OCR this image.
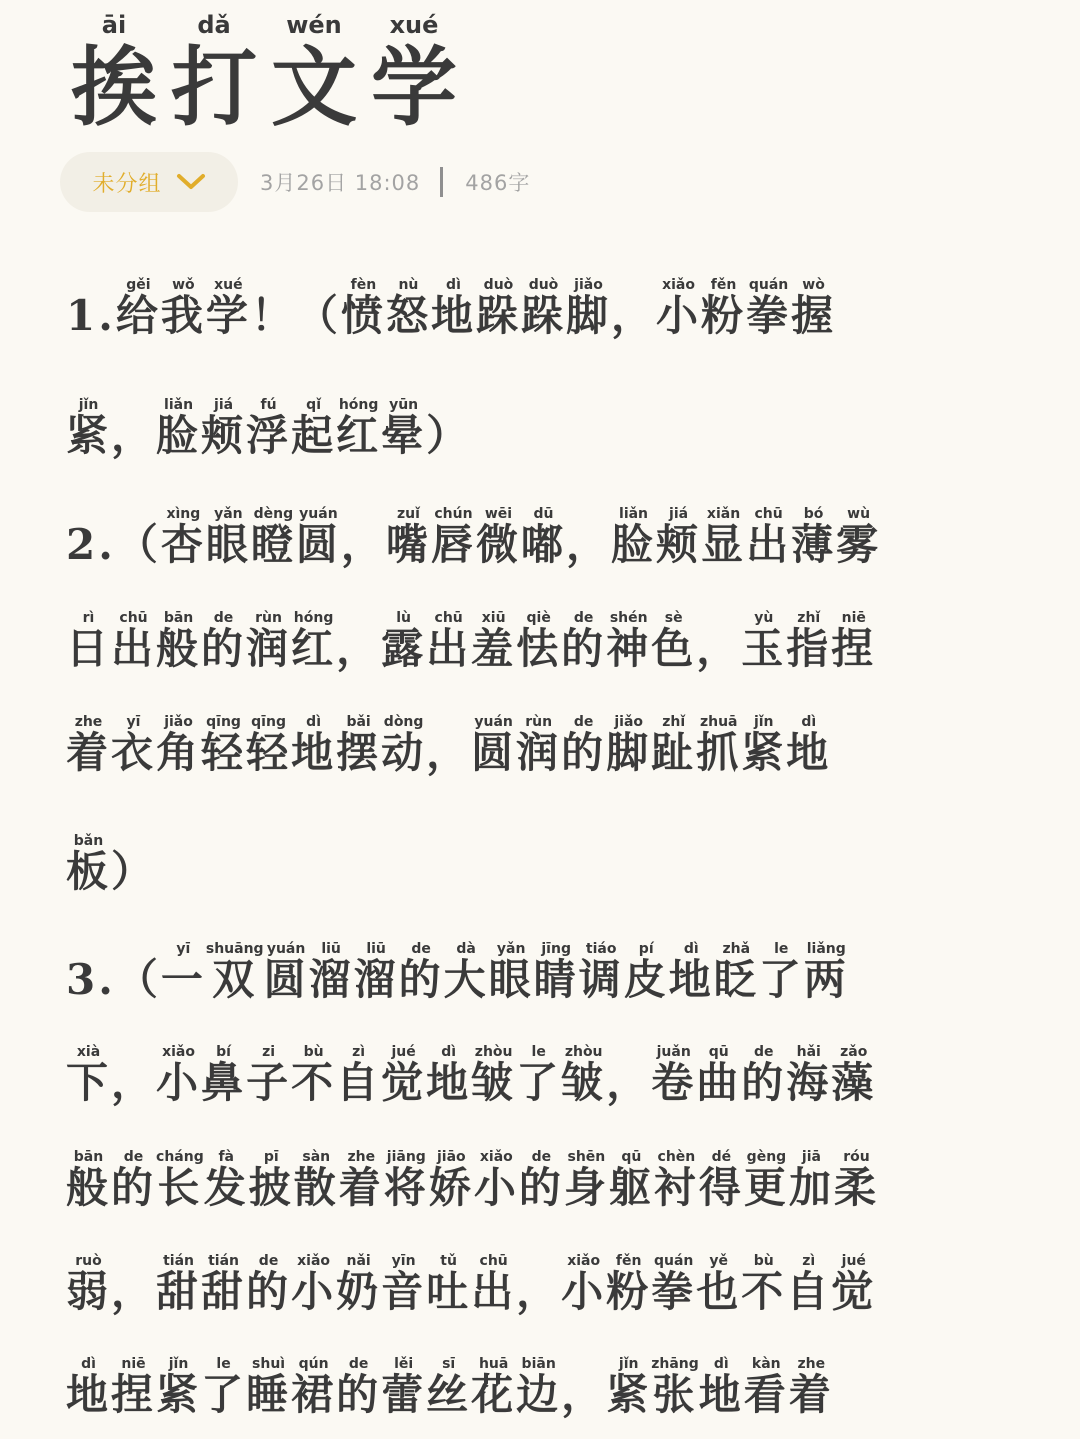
āi
挨
dǎ
打
wén
文
xué
学
未分组	3月26日 18:08 486字
1.给gěi我wǒ学xué！（愤fèn怒nù地dì跺duò跺duò脚jiǎo，小xiǎo粉fěn拳quán握wò
紧jǐn，脸liǎn颊jiá浮fú起qǐ红hóng晕yūn）
2.（杏xìng眼yǎn瞪dèng圆yuán，嘴zuǐ唇chún微wēi嘟dū，脸liǎn颊jiá显xiǎn出chū薄bó雾wù
日rì出chū般bān的de润rùn红hóng，露lù出chū羞xiū怯qiè的de神shén色sè，玉yù指zhǐ捏niē
着zhe衣yī角jiǎo轻qīng轻qīng地dì摆bǎi动dòng，圆yuán润rùn的de脚jiǎo趾zhǐ抓zhuā紧jǐn地dì
板bǎn）
3.（一yī双shuāng圆yuán溜liū溜liū的de大dà眼yǎn睛jīng调tiáo皮pí地dì眨zhǎ了le两liǎng
下xià，小xiǎo鼻bí子zi不bù自zì觉jué地dì皱zhòu了le皱zhòu，卷juǎn曲qū的de海hǎi藻zǎo
般bān的de长cháng发fà披pī散sàn着zhe将jiāng娇jiāo小xiǎo的de身shēn躯qū衬chèn得dé更gèng加jiā柔róu
弱ruò，甜tián甜tián的de小xiǎo奶nǎi音yīn吐tǔ出chū，小xiǎo粉fěn拳quán也yě不bù自zì觉jué
地dì捏niē紧jǐn了le睡shuì裙qún的de蕾lěi丝sī花huā边biān，紧jǐn张zhāng地dì看kàn着zhe
